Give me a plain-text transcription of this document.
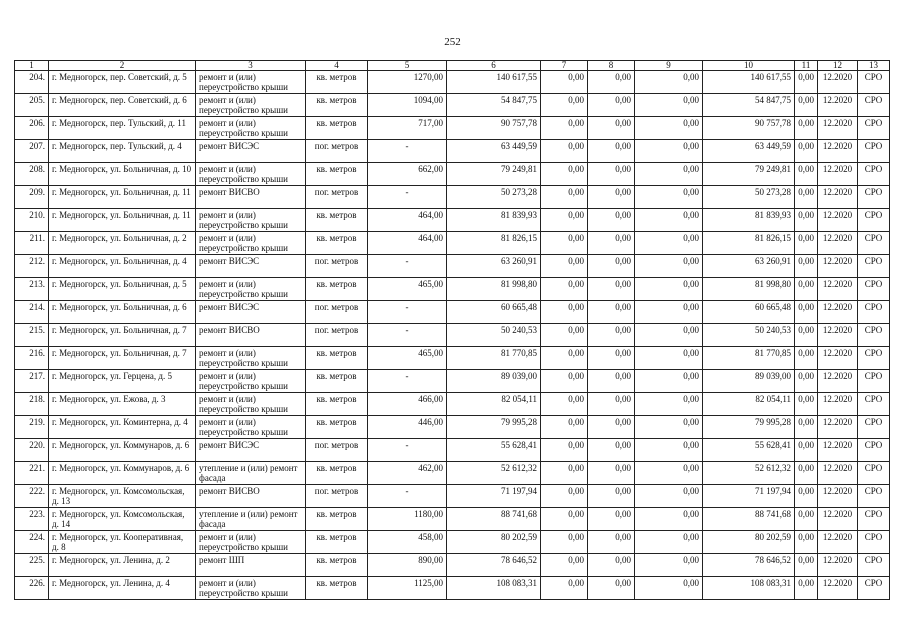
252
1	2	3	4	5	6	7	8	9	10	11	12	13
204.	г. Медногорск, пер. Советский, д. 5	ремонт и (или) переустройство крыши	кв. метров	1270,00	140 617,55	0,00	0,00	0,00	140 617,55	0,00	12.2020	СРО
205.	г. Медногорск, пер. Советский, д. 6	ремонт и (или) переустройство крыши	кв. метров	1094,00	54 847,75	0,00	0,00	0,00	54 847,75	0,00	12.2020	СРО
206.	г. Медногорск, пер. Тульский, д. 11	ремонт и (или) переустройство крыши	кв. метров	717,00	90 757,78	0,00	0,00	0,00	90 757,78	0,00	12.2020	СРО
207.	г. Медногорск, пер. Тульский, д. 4	ремонт ВИСЭС	пог. метров	-	63 449,59	0,00	0,00	0,00	63 449,59	0,00	12.2020	СРО
208.	г. Медногорск, ул. Больничная, д. 10	ремонт и (или) переустройство крыши	кв. метров	662,00	79 249,81	0,00	0,00	0,00	79 249,81	0,00	12.2020	СРО
209.	г. Медногорск, ул. Больничная, д. 11	ремонт ВИСВО	пог. метров	-	50 273,28	0,00	0,00	0,00	50 273,28	0,00	12.2020	СРО
210.	г. Медногорск, ул. Больничная, д. 11	ремонт и (или) переустройство крыши	кв. метров	464,00	81 839,93	0,00	0,00	0,00	81 839,93	0,00	12.2020	СРО
211.	г. Медногорск, ул. Больничная, д. 2	ремонт и (или) переустройство крыши	кв. метров	464,00	81 826,15	0,00	0,00	0,00	81 826,15	0,00	12.2020	СРО
212.	г. Медногорск, ул. Больничная, д. 4	ремонт ВИСЭС	пог. метров	-	63 260,91	0,00	0,00	0,00	63 260,91	0,00	12.2020	СРО
213.	г. Медногорск, ул. Больничная, д. 5	ремонт и (или) переустройство крыши	кв. метров	465,00	81 998,80	0,00	0,00	0,00	81 998,80	0,00	12.2020	СРО
214.	г. Медногорск, ул. Больничная, д. 6	ремонт ВИСЭС	пог. метров	-	60 665,48	0,00	0,00	0,00	60 665,48	0,00	12.2020	СРО
215.	г. Медногорск, ул. Больничная, д. 7	ремонт ВИСВО	пог. метров	-	50 240,53	0,00	0,00	0,00	50 240,53	0,00	12.2020	СРО
216.	г. Медногорск, ул. Больничная, д. 7	ремонт и (или) переустройство крыши	кв. метров	465,00	81 770,85	0,00	0,00	0,00	81 770,85	0,00	12.2020	СРО
217.	г. Медногорск, ул. Герцена, д. 5	ремонт и (или) переустройство крыши	кв. метров	-	89 039,00	0,00	0,00	0,00	89 039,00	0,00	12.2020	СРО
218.	г. Медногорск, ул. Ежова, д. 3	ремонт и (или) переустройство крыши	кв. метров	466,00	82 054,11	0,00	0,00	0,00	82 054,11	0,00	12.2020	СРО
219.	г. Медногорск, ул. Коминтерна, д. 4	ремонт и (или) переустройство крыши	кв. метров	446,00	79 995,28	0,00	0,00	0,00	79 995,28	0,00	12.2020	СРО
220.	г. Медногорск, ул. Коммунаров, д. 6	ремонт ВИСЭС	пог. метров	-	55 628,41	0,00	0,00	0,00	55 628,41	0,00	12.2020	СРО
221.	г. Медногорск, ул. Коммунаров, д. 6	утепление и (или) ремонт фасада	кв. метров	462,00	52 612,32	0,00	0,00	0,00	52 612,32	0,00	12.2020	СРО
222.	г. Медногорск, ул. Комсомольская, д. 13	ремонт ВИСВО	пог. метров	-	71 197,94	0,00	0,00	0,00	71 197,94	0,00	12.2020	СРО
223.	г. Медногорск, ул. Комсомольская, д. 14	утепление и (или) ремонт фасада	кв. метров	1180,00	88 741,68	0,00	0,00	0,00	88 741,68	0,00	12.2020	СРО
224.	г. Медногорск, ул. Кооперативная, д. 8	ремонт и (или) переустройство крыши	кв. метров	458,00	80 202,59	0,00	0,00	0,00	80 202,59	0,00	12.2020	СРО
225.	г. Медногорск, ул. Ленина, д. 2	ремонт ШП	кв. метров	890,00	78 646,52	0,00	0,00	0,00	78 646,52	0,00	12.2020	СРО
226.	г. Медногорск, ул. Ленина, д. 4	ремонт и (или) переустройство крыши	кв. метров	1125,00	108 083,31	0,00	0,00	0,00	108 083,31	0,00	12.2020	СРО
